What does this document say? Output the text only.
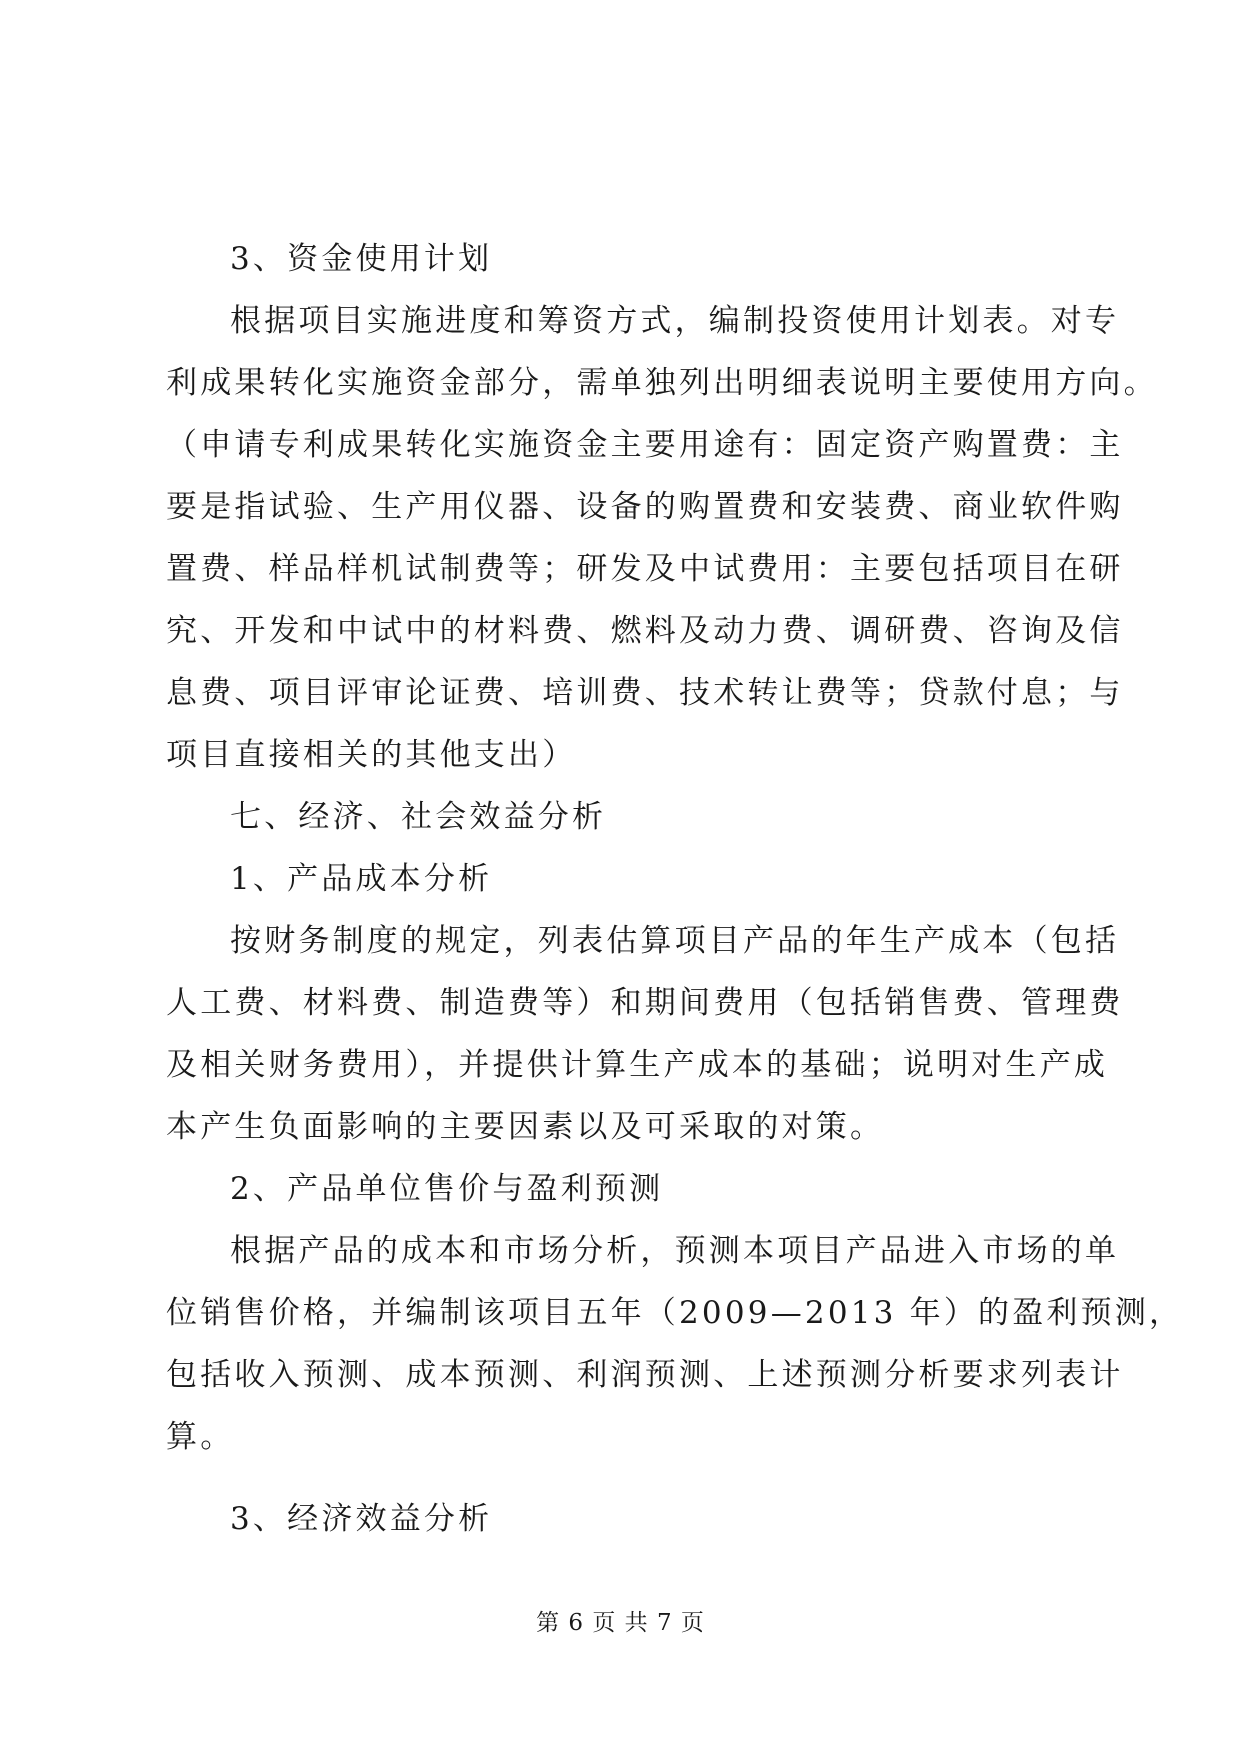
3、资金使用计划
根据项目实施进度和筹资方式，编制投资使用计划表。对专
利成果转化实施资金部分，需单独列出明细表说明主要使用方向。
（申请专利成果转化实施资金主要用途有：固定资产购置费：主
要是指试验、生产用仪器、设备的购置费和安装费、商业软件购
置费、样品样机试制费等；研发及中试费用：主要包括项目在研
究、开发和中试中的材料费、燃料及动力费、调研费、咨询及信
息费、项目评审论证费、培训费、技术转让费等；贷款付息；与
项目直接相关的其他支出）
七、经济、社会效益分析
1、产品成本分析
按财务制度的规定，列表估算项目产品的年生产成本（包括
人工费、材料费、制造费等）和期间费用（包括销售费、管理费
及相关财务费用），并提供计算生产成本的基础；说明对生产成
本产生负面影响的主要因素以及可采取的对策。
2、产品单位售价与盈利预测
根据产品的成本和市场分析，预测本项目产品进入市场的单
位销售价格，并编制该项目五年（2009—2013 年）的盈利预测，
包括收入预测、成本预测、利润预测、上述预测分析要求列表计
算。
3、经济效益分析
第 6 页 共 7 页
